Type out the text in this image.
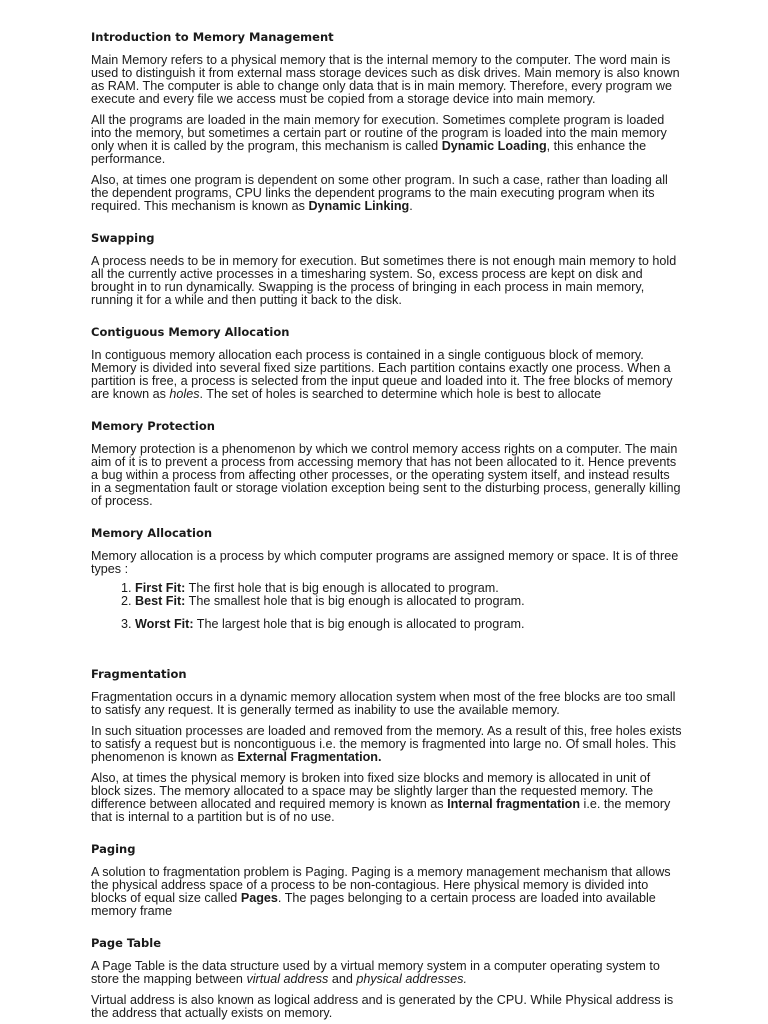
Introduction to Memory Management

Main Memory refers to a physical memory that is the internal memory to the computer. The word main is used to distinguish it from external mass storage devices such as disk drives. Main memory is also known as RAM. The computer is able to change only data that is in main memory. Therefore, every program we execute and every file we access must be copied from a storage device into main memory.

All the programs are loaded in the main memory for execution. Sometimes complete program is loaded into the memory, but sometimes a certain part or routine of the program is loaded into the main memory only when it is called by the program, this mechanism is called Dynamic Loading, this enhance the performance.

Also, at times one program is dependent on some other program. In such a case, rather than loading all the dependent programs, CPU links the dependent programs to the main executing program when its required. This mechanism is known as Dynamic Linking.

Swapping

A process needs to be in memory for execution. But sometimes there is not enough main memory to hold all the currently active processes in a timesharing system. So, excess process are kept on disk and brought in to run dynamically. Swapping is the process of bringing in each process in main memory, running it for a while and then putting it back to the disk.

Contiguous Memory Allocation

In contiguous memory allocation each process is contained in a single contiguous block of memory. Memory is divided into several fixed size partitions. Each partition contains exactly one process. When a partition is free, a process is selected from the input queue and loaded into it. The free blocks of memory are known as holes. The set of holes is searched to determine which hole is best to allocate

Memory Protection

Memory protection is a phenomenon by which we control memory access rights on a computer. The main aim of it is to prevent a process from accessing memory that has not been allocated to it. Hence prevents a bug within a process from affecting other processes, or the operating system itself, and instead results in a segmentation fault or storage violation exception being sent to the disturbing process, generally killing of process.

Memory Allocation

Memory allocation is a process by which computer programs are assigned memory or space. It is of three types :

1. First Fit: The first hole that is big enough is allocated to program.
2. Best Fit: The smallest hole that is big enough is allocated to program.
3. Worst Fit: The largest hole that is big enough is allocated to program.
Fragmentation

Fragmentation occurs in a dynamic memory allocation system when most of the free blocks are too small to satisfy any request. It is generally termed as inability to use the available memory.

In such situation processes are loaded and removed from the memory. As a result of this, free holes exists to satisfy a request but is noncontiguous i.e. the memory is fragmented into large no. Of small holes. This phenomenon is known as External Fragmentation.

Also, at times the physical memory is broken into fixed size blocks and memory is allocated in unit of block sizes. The memory allocated to a space may be slightly larger than the requested memory. The difference between allocated and required memory is known as Internal fragmentation i.e. the memory that is internal to a partition but is of no use.

Paging

A solution to fragmentation problem is Paging. Paging is a memory management mechanism that allows the physical address space of a process to be non-contagious. Here physical memory is divided into blocks of equal size called Pages. The pages belonging to a certain process are loaded into available memory frame

Page Table

A Page Table is the data structure used by a virtual memory system in a computer operating system to store the mapping between virtual address and physical addresses.

Virtual address is also known as logical address and is generated by the CPU. While Physical address is the address that actually exists on memory.
